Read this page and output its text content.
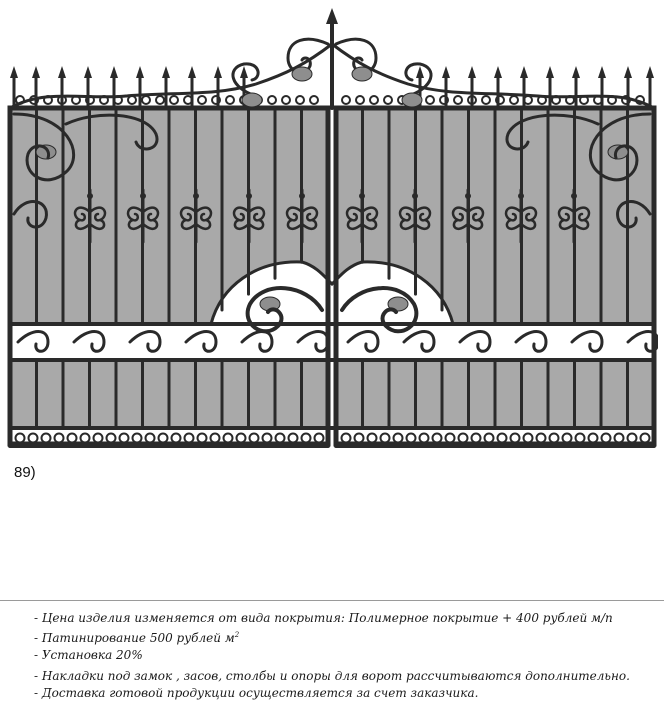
89)
- Цена изделия изменяется от вида покрытия: Полимерное покрытие + 400 рублей м/п
- Патинирование 500 рублей $м^2$
- Установка 20%
- Накладки под замок , засов, столбы и опоры для ворот рассчитываются дополнительно.
- Доставка готовой продукции осуществляется за счет заказчика.
